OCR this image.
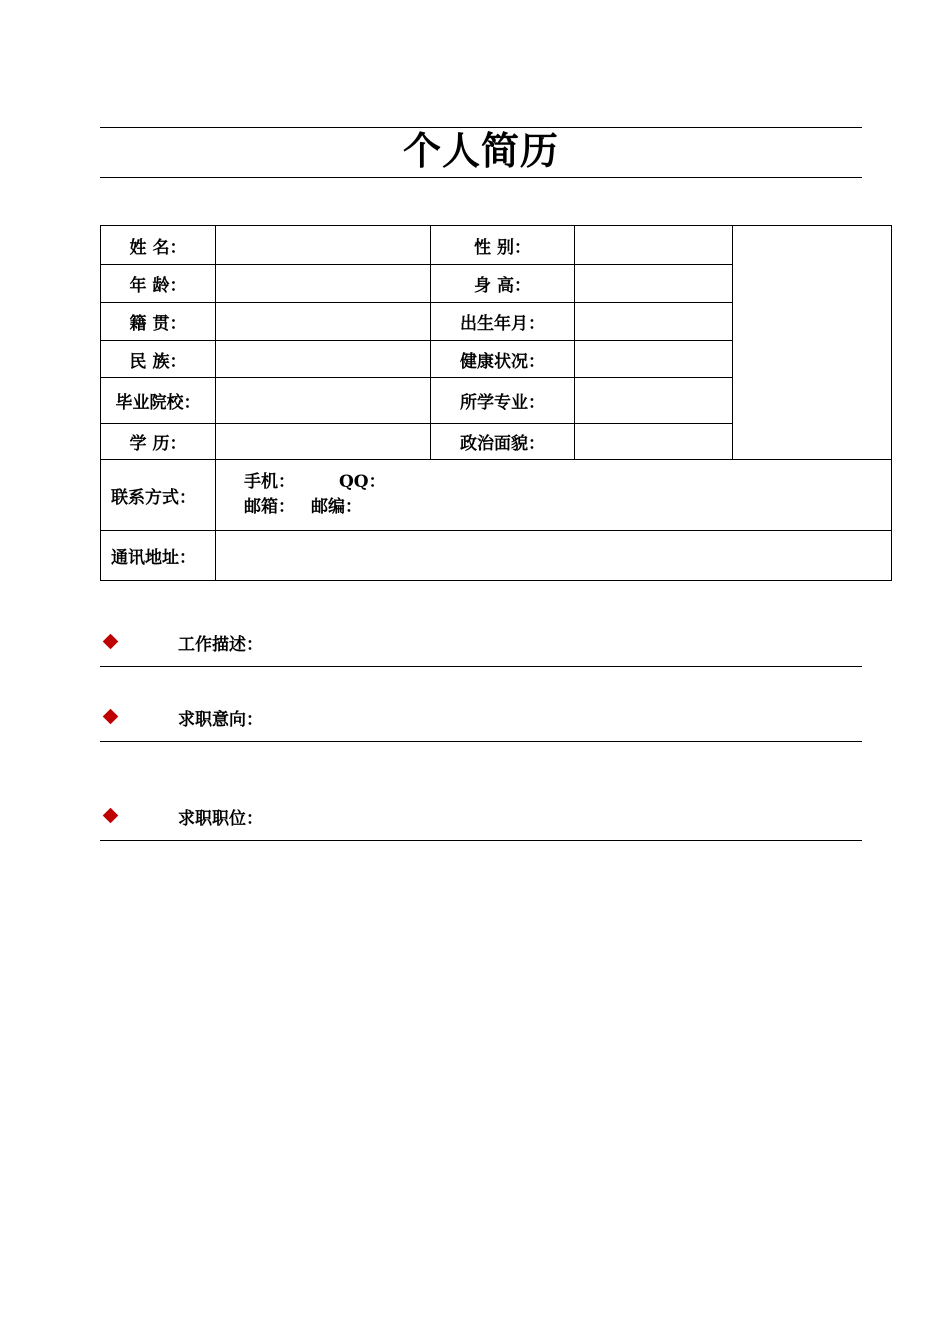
个人简历
姓 名：		性 别：		
年 龄：		身 高：		
籍 贯：		出生年月：		
民 族：		健康状况：		
毕业院校：		所学专业：		
学 历：		政治面貌：		
联系方式：	手机： QQ：
邮箱： 邮编：			

通讯地址：				
工作描述：
求职意向：
求职职位：
